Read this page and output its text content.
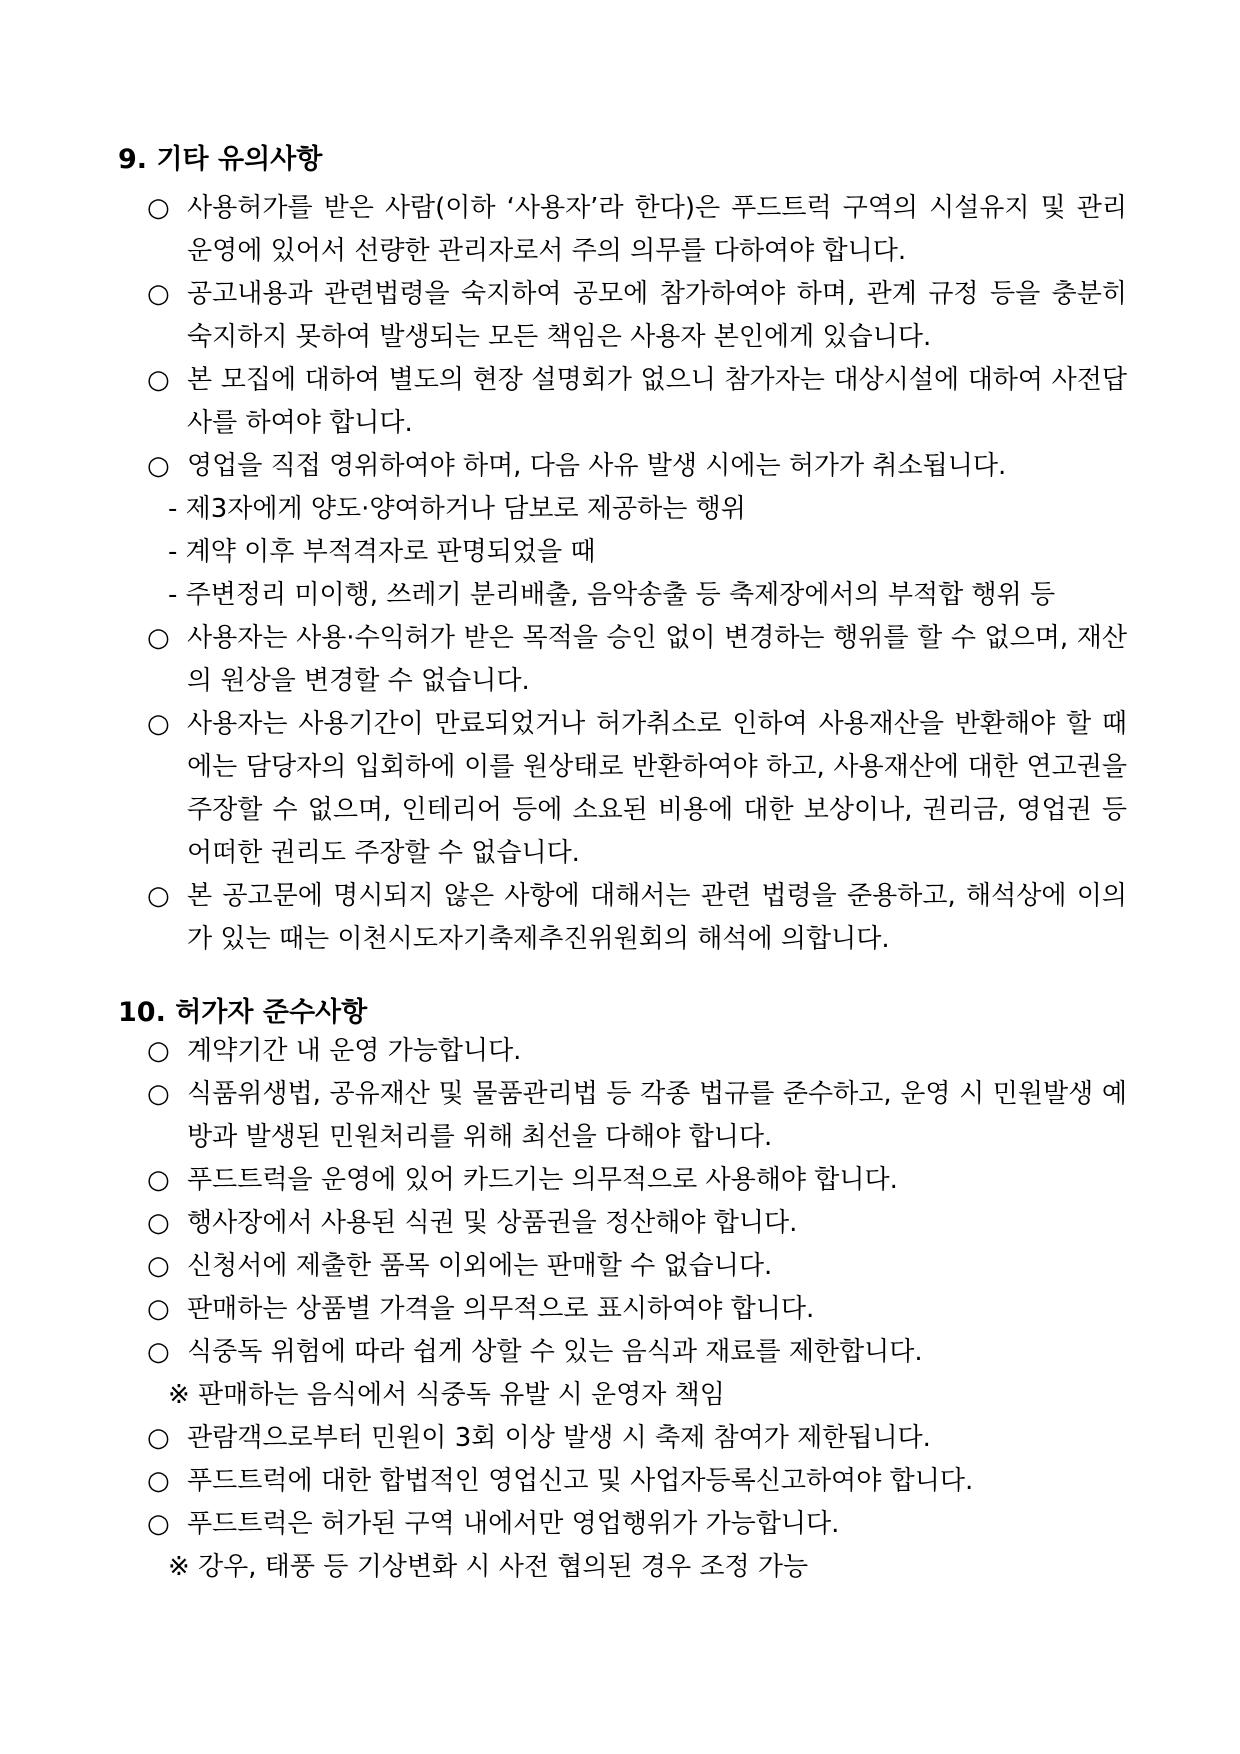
9. 기타 유의사항
○ 사용허가를 받은 사람(이하 ‘사용자’라 한다)은 푸드트럭 구역의 시설유지 및 관리운영에 있어서 선량한 관리자로서 주의 의무를 다하여야 합니다.
○ 공고내용과 관련법령을 숙지하여 공모에 참가하여야 하며, 관계 규정 등을 충분히 숙지하지 못하여 발생되는 모든 책임은 사용자 본인에게 있습니다.
○ 본 모집에 대하여 별도의 현장 설명회가 없으니 참가자는 대상시설에 대하여 사전답사를 하여야 합니다.
○ 영업을 직접 영위하여야 하며, 다음 사유 발생 시에는 허가가 취소됩니다.
- 제3자에게 양도·양여하거나 담보로 제공하는 행위
- 계약 이후 부적격자로 판명되었을 때
- 주변정리 미이행, 쓰레기 분리배출, 음악송출 등 축제장에서의 부적합 행위 등
○ 사용자는 사용·수익허가 받은 목적을 승인 없이 변경하는 행위를 할 수 없으며, 재산의 원상을 변경할 수 없습니다.
○ 사용자는 사용기간이 만료되었거나 허가취소로 인하여 사용재산을 반환해야 할 때에는 담당자의 입회하에 이를 원상태로 반환하여야 하고, 사용재산에 대한 연고권을 주장할 수 없으며, 인테리어 등에 소요된 비용에 대한 보상이나, 권리금, 영업권 등 어떠한 권리도 주장할 수 없습니다.
○ 본 공고문에 명시되지 않은 사항에 대해서는 관련 법령을 준용하고, 해석상에 이의가 있는 때는 이천시도자기축제추진위원회의 해석에 의합니다.
10. 허가자 준수사항
○ 계약기간 내 운영 가능합니다.
○ 식품위생법, 공유재산 및 물품관리법 등 각종 법규를 준수하고, 운영 시 민원발생 예방과 발생된 민원처리를 위해 최선을 다해야 합니다.
○ 푸드트럭을 운영에 있어 카드기는 의무적으로 사용해야 합니다.
○ 행사장에서 사용된 식권 및 상품권을 정산해야 합니다.
○ 신청서에 제출한 품목 이외에는 판매할 수 없습니다.
○ 판매하는 상품별 가격을 의무적으로 표시하여야 합니다.
○ 식중독 위험에 따라 쉽게 상할 수 있는 음식과 재료를 제한합니다.
※ 판매하는 음식에서 식중독 유발 시 운영자 책임
○ 관람객으로부터 민원이 3회 이상 발생 시 축제 참여가 제한됩니다.
○ 푸드트럭에 대한 합법적인 영업신고 및 사업자등록신고하여야 합니다.
○ 푸드트럭은 허가된 구역 내에서만 영업행위가 가능합니다.
※ 강우, 태풍 등 기상변화 시 사전 협의된 경우 조정 가능
